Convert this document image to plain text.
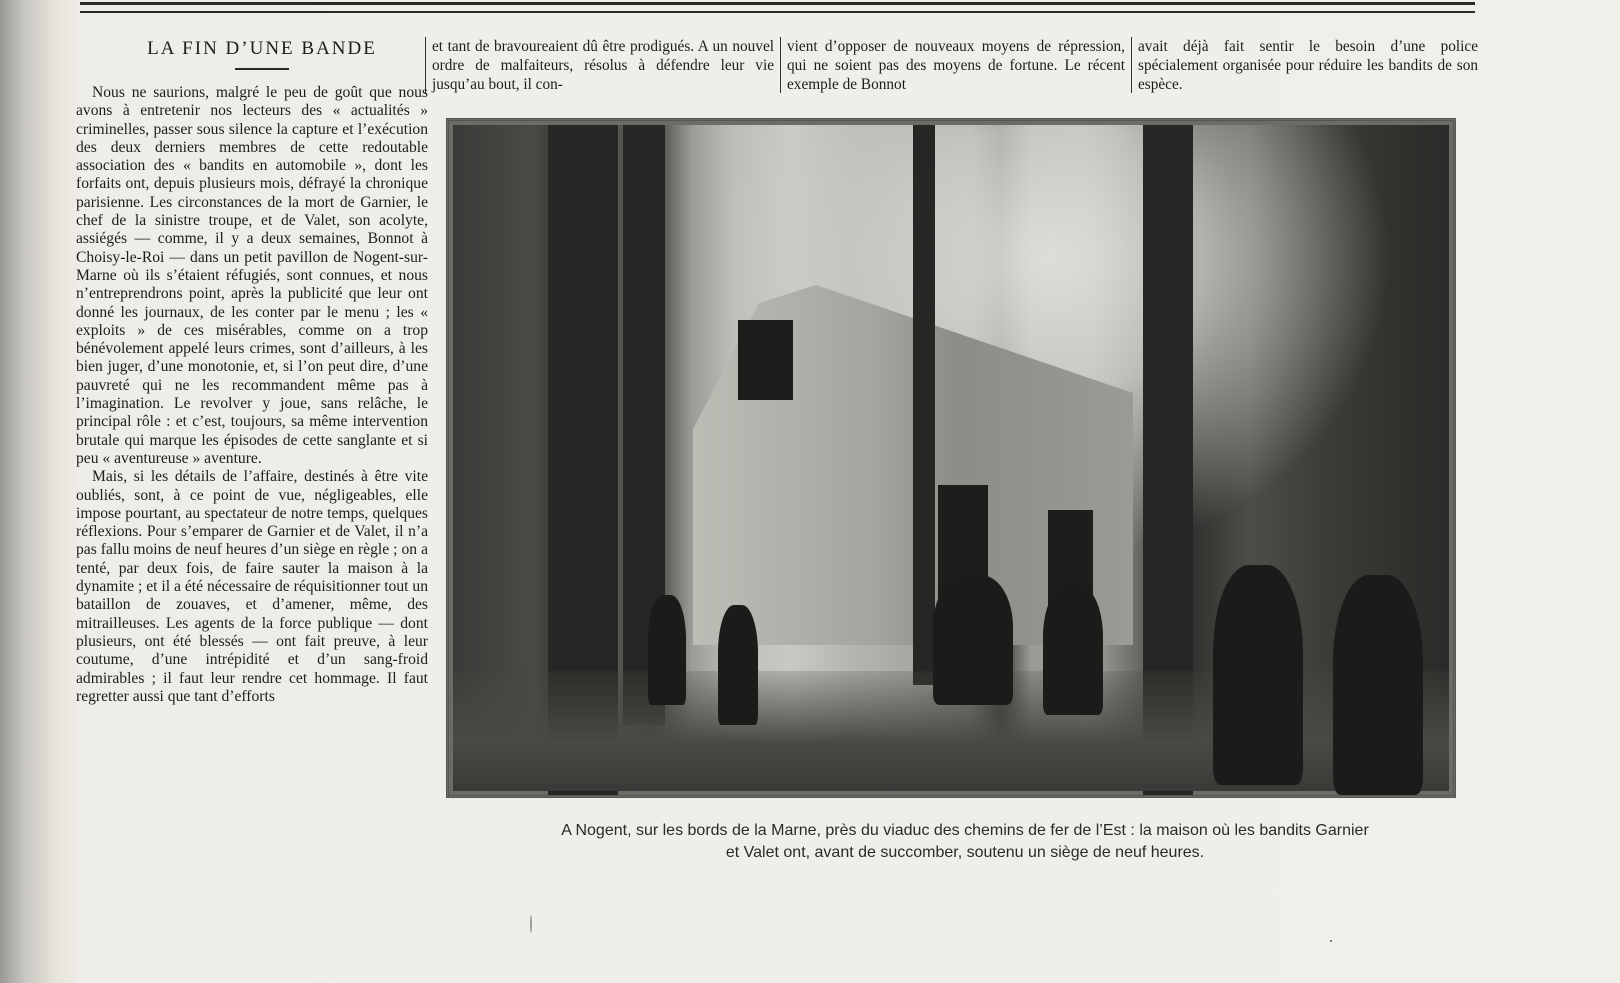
LA FIN D’UNE BANDE

Nous ne saurions, malgré le peu de goût que nous avons à entretenir nos lecteurs des « actualités » criminelles, passer sous silence la capture et l’exécution des deux derniers membres de cette redoutable association des « bandits en automobile », dont les forfaits ont, depuis plusieurs mois, défrayé la chronique parisienne. Les circonstances de la mort de Garnier, le chef de la sinistre troupe, et de Valet, son acolyte, assiégés — comme, il y a deux semaines, Bonnot à Choisy-le-Roi — dans un petit pavillon de Nogent-sur-Marne où ils s’étaient réfugiés, sont connues, et nous n’entreprendrons point, après la publicité que leur ont donné les journaux, de les conter par le menu ; les « exploits » de ces misérables, comme on a trop bénévolement appelé leurs crimes, sont d’ailleurs, à les bien juger, d’une monotonie, et, si l’on peut dire, d’une pauvreté qui ne les recommandent même pas à l’imagination. Le revolver y joue, sans relâche, le principal rôle : et c’est, toujours, sa même intervention brutale qui marque les épisodes de cette sanglante et si peu « aventureuse » aventure.

Mais, si les détails de l’affaire, destinés à être vite oubliés, sont, à ce point de vue, négligeables, elle impose pourtant, au spectateur de notre temps, quelques réflexions. Pour s’emparer de Garnier et de Valet, il n’a pas fallu moins de neuf heures d’un siège en règle ; on a tenté, par deux fois, de faire sauter la maison à la dynamite ; et il a été nécessaire de réquisitionner tout un bataillon de zouaves, et d’amener, même, des mitrailleuses. Les agents de la force publique — dont plusieurs, ont été blessés — ont fait preuve, à leur coutume, d’une intrépidité et d’un sang-froid admirables ; il faut leur rendre cet hommage. Il faut regretter aussi que tant d’efforts

et tant de bravoureaient dû être prodigués. A un nouvel ordre de malfaiteurs, résolus à défendre leur vie jusqu’au bout, il con-
vient d’opposer de nouveaux moyens de répression, qui ne soient pas des moyens de fortune. Le récent exemple de Bonnot
avait déjà fait sentir le besoin d’une police spécialement organisée pour réduire les bandits de son espèce.
A Nogent, sur les bords de la Marne, près du viaduc des chemins de fer de l’Est : la maison où les bandits Garnier
et Valet ont, avant de succomber, soutenu un siège de neuf heures.
